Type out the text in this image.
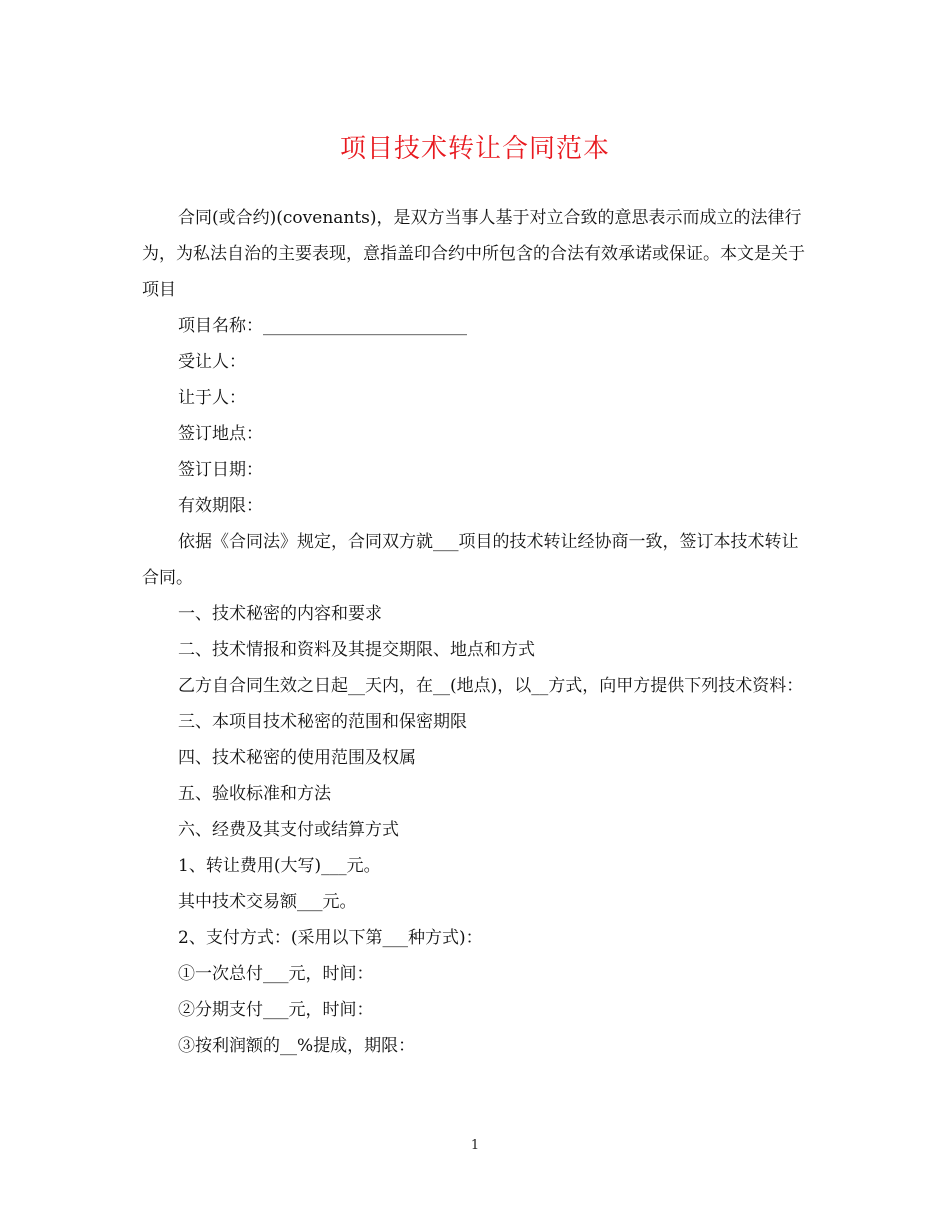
项目技术转让合同范本

合同(或合约)(covenants)，是双方当事人基于对立合致的意思表示而成立的法律行为，为私法自治的主要表现，意指盖印合约中所包含的合法有效承诺或保证。本文是关于项目

项目名称：________________________

受让人：

让于人：

签订地点：

签订日期：

有效期限：

依据《合同法》规定，合同双方就___项目的技术转让经协商一致，签订本技术转让合同。

一、技术秘密的内容和要求

二、技术情报和资料及其提交期限、地点和方式

乙方自合同生效之日起__天内，在__(地点)，以__方式，向甲方提供下列技术资料：

三、本项目技术秘密的范围和保密期限

四、技术秘密的使用范围及权属

五、验收标准和方法

六、经费及其支付或结算方式

1、转让费用(大写)___元。

其中技术交易额___元。

2、支付方式：(采用以下第___种方式)：

①一次总付___元，时间：

②分期支付___元，时间：

③按利润额的__%提成，期限：

1
